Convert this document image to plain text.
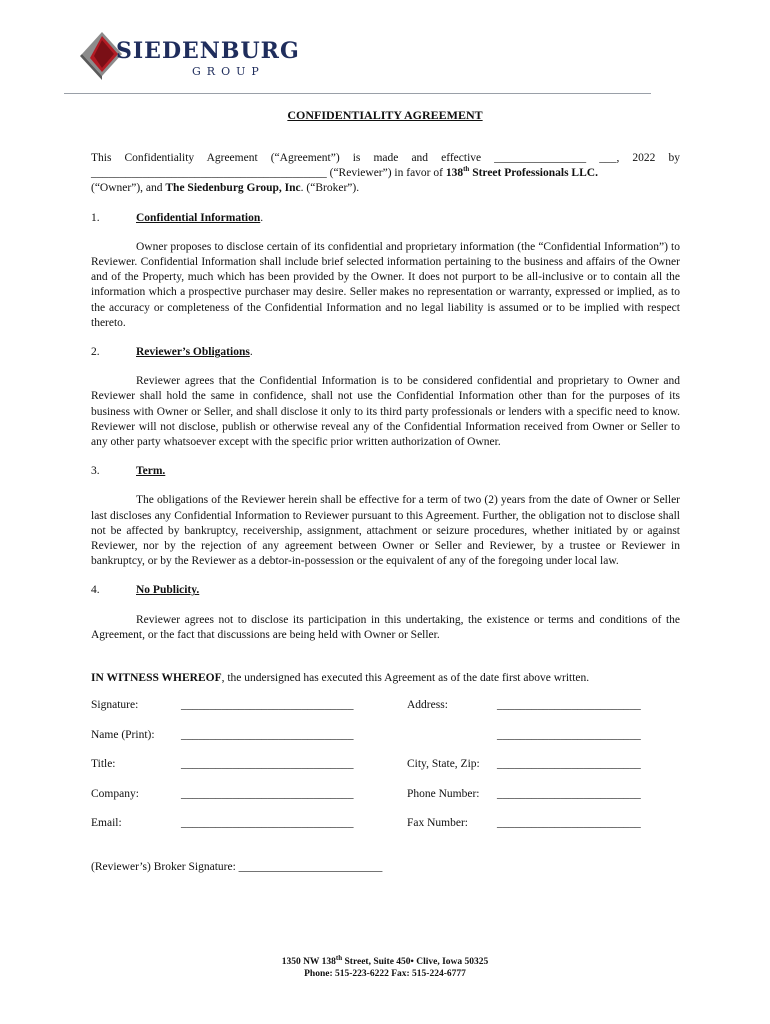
SIEDENBURG
GROUP
CONFIDENTIALITY AGREEMENT

This Confidentiality Agreement (“Agreement”) is made and effective ________________ ___, 2022 by _________________________________________ (“Reviewer”) in favor of 138th Street Professionals LLC.
(“Owner”), and The Siedenburg Group, Inc. (“Broker”).

1.	Confidential Information.

Owner proposes to disclose certain of its confidential and proprietary information (the “Confidential Information”) to Reviewer. Confidential Information shall include brief selected information pertaining to the business and affairs of the Owner and of the Property, much which has been provided by the Owner. It does not purport to be all-inclusive or to contain all the information which a prospective purchaser may desire. Seller makes no representation or warranty, expressed or implied, as to the accuracy or completeness of the Confidential Information and no legal liability is assumed or to be implied with respect thereto.

2.	Reviewer’s Obligations.

Reviewer agrees that the Confidential Information is to be considered confidential and proprietary to Owner and Reviewer shall hold the same in confidence, shall not use the Confidential Information other than for the purposes of its business with Owner or Seller, and shall disclose it only to its third party professionals or lenders with a specific need to know. Reviewer will not disclose, publish or otherwise reveal any of the Confidential Information received from Owner or Seller to any other party whatsoever except with the specific prior written authorization of Owner.

3.	Term.

The obligations of the Reviewer herein shall be effective for a term of two (2) years from the date of Owner or Seller last discloses any Confidential Information to Reviewer pursuant to this Agreement. Further, the obligation not to disclose shall not be affected by bankruptcy, receivership, assignment, attachment or seizure procedures, whether initiated by or against Reviewer, nor by the rejection of any agreement between Owner or Seller and Reviewer, by a trustee or Reviewer in bankruptcy, or by the Reviewer as a debtor-in-possession or the equivalent of any of the foregoing under local law.

4.	No Publicity.

Reviewer agrees not to disclose its participation in this undertaking, the existence or terms and conditions of the Agreement, or the fact that discussions are being held with Owner or Seller.

IN WITNESS WHEREOF, the undersigned has executed this Agreement as of the date first above written.

Signature:	______________________________	Address:	_________________________
Name (Print):	______________________________	_________________________
Title:	______________________________	City, State, Zip:	_________________________
Company:	______________________________	Phone Number:	_________________________
Email:	______________________________	Fax Number:	_________________________
(Reviewer’s) Broker Signature: _________________________
1350 NW 138th Street, Suite 450• Clive, Iowa 50325
Phone: 515-223-6222 Fax: 515-224-6777
